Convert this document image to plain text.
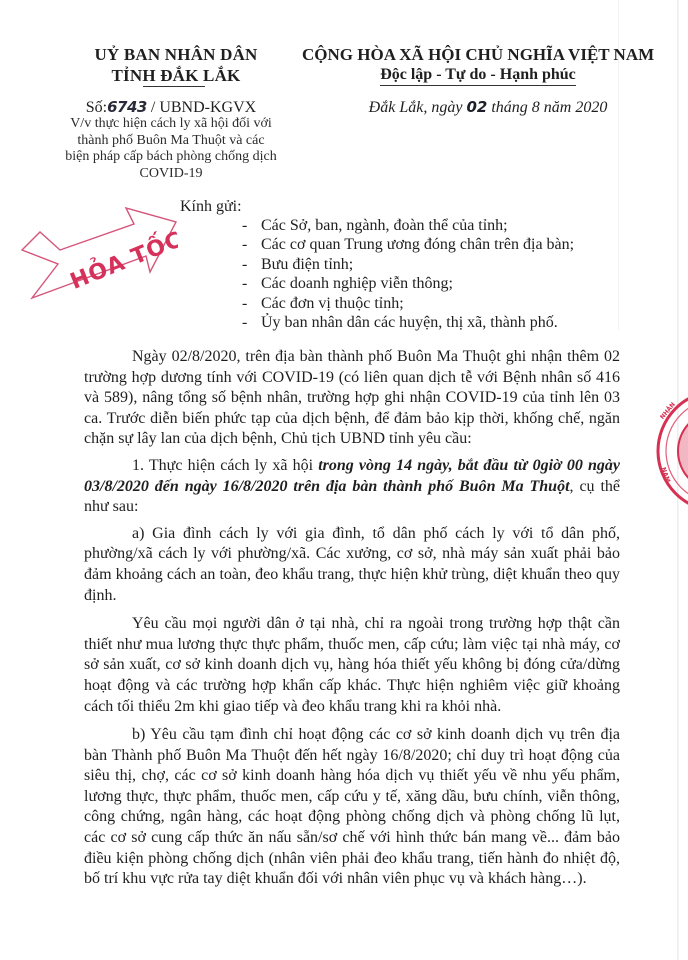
UỶ BAN NHÂN DÂN
TỈNH ĐẮK LẮK
CỘNG HÒA XÃ HỘI CHỦ NGHĨA VIỆT NAM
Độc lập - Tự do - Hạnh phúc
Số:6743 / UBND-KGVX
V/v thực hiện cách ly xã hội đối với
thành phố Buôn Ma Thuột và các
biện pháp cấp bách phòng chống dịch
COVID-19
Đắk Lắk, ngày 02 tháng 8 năm 2020
HỎA TỐC
NHÂN
NAM
Kính gửi:
- Các Sở, ban, ngành, đoàn thể của tỉnh;
- Các cơ quan Trung ương đóng chân trên địa bàn;
- Bưu điện tỉnh;
- Các doanh nghiệp viễn thông;
- Các đơn vị thuộc tỉnh;
- Ủy ban nhân dân các huyện, thị xã, thành phố.

Ngày 02/8/2020, trên địa bàn thành phố Buôn Ma Thuột ghi nhận thêm 02 trường hợp dương tính với COVID-19 (có liên quan dịch tễ với Bệnh nhân số 416 và 589), nâng tổng số bệnh nhân, trường hợp ghi nhận COVID-19 của tỉnh lên 03 ca. Trước diễn biến phức tạp của dịch bệnh, để đảm bảo kịp thời, khống chế, ngăn chặn sự lây lan của dịch bệnh, Chủ tịch UBND tỉnh yêu cầu:

1. Thực hiện cách ly xã hội trong vòng 14 ngày, bắt đầu từ 0giờ 00 ngày 03/8/2020 đến ngày 16/8/2020 trên địa bàn thành phố Buôn Ma Thuột, cụ thể như sau:

a) Gia đình cách ly với gia đình, tổ dân phố cách ly với tổ dân phố, phường/xã cách ly với phường/xã. Các xưởng, cơ sở, nhà máy sản xuất phải bảo đảm khoảng cách an toàn, đeo khẩu trang, thực hiện khử trùng, diệt khuẩn theo quy định.

Yêu cầu mọi người dân ở tại nhà, chỉ ra ngoài trong trường hợp thật cần thiết như mua lương thực thực phẩm, thuốc men, cấp cứu; làm việc tại nhà máy, cơ sở sản xuất, cơ sở kinh doanh dịch vụ, hàng hóa thiết yếu không bị đóng cửa/dừng hoạt động và các trường hợp khẩn cấp khác. Thực hiện nghiêm việc giữ khoảng cách tối thiểu 2m khi giao tiếp và đeo khẩu trang khi ra khỏi nhà.

b) Yêu cầu tạm đình chỉ hoạt động các cơ sở kinh doanh dịch vụ trên địa bàn Thành phố Buôn Ma Thuột đến hết ngày 16/8/2020; chỉ duy trì hoạt động của siêu thị, chợ, các cơ sở kinh doanh hàng hóa dịch vụ thiết yếu về nhu yếu phẩm, lương thực, thực phẩm, thuốc men, cấp cứu y tế, xăng dầu, bưu chính, viễn thông, công chứng, ngân hàng, các hoạt động phòng chống dịch và phòng chống lũ lụt, các cơ sở cung cấp thức ăn nấu sẵn/sơ chế với hình thức bán mang về... đảm bảo điều kiện phòng chống dịch (nhân viên phải đeo khẩu trang, tiến hành đo nhiệt độ, bố trí khu vực rửa tay diệt khuẩn đối với nhân viên phục vụ và khách hàng…).
